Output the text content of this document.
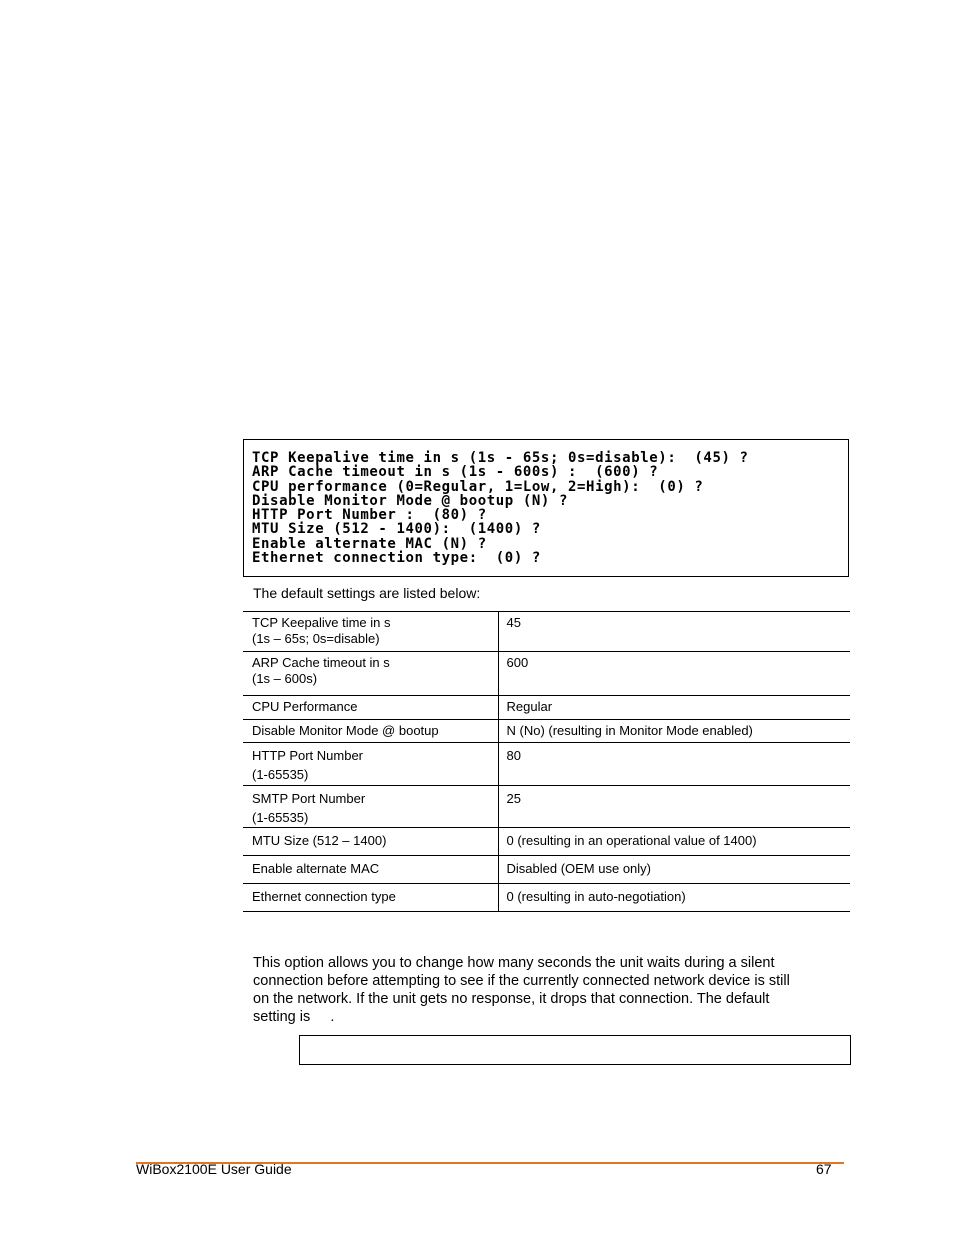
TCP Keepalive time in s (1s - 65s; 0s=disable):  (45) ?
ARP Cache timeout in s (1s - 600s) :  (600) ?
CPU performance (0=Regular, 1=Low, 2=High):  (0) ?
Disable Monitor Mode @ bootup (N) ?
HTTP Port Number :  (80) ?
MTU Size (512 - 1400):  (1400) ?
Enable alternate MAC (N) ?
Ethernet connection type:  (0) ?
The default settings are listed below:
TCP Keepalive time in s
(1s – 65s; 0s=disable)	45

ARP Cache timeout in s
(1s – 600s)	600
CPU Performance	Regular
Disable Monitor Mode @ bootup	N (No) (resulting in Monitor Mode enabled)

HTTP Port Number
(1-65535)	80

SMTP Port Number
(1-65535)	25
MTU Size (512 – 1400)	0 (resulting in an operational value of 1400)
Enable alternate MAC	Disabled (OEM use only)
Ethernet connection type	0 (resulting in auto-negotiation)
This option allows you to change how many seconds the unit waits during a silent
connection before attempting to see if the currently connected network device is still
on the network. If the unit gets no response, it drops that connection. The default
setting is     .
WiBox2100E User Guide	67
